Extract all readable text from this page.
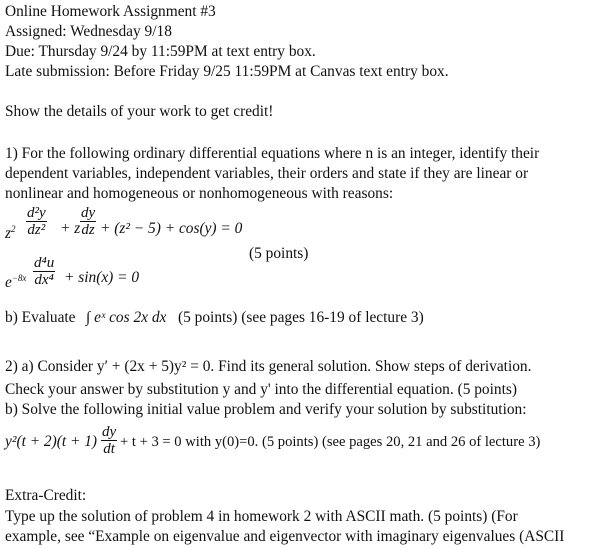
Online Homework Assignment #3
Assigned: Wednesday 9/18
Due: Thursday 9/24 by 11:59PM at text entry box.
Late submission: Before Friday 9/25 11:59PM at Canvas text entry box.
Show the details of your work to get credit!
1) For the following ordinary differential equations where n is an integer, identify their
dependent variables, independent variables, their orders and state if they are linear or
nonlinear and homogeneous or nonhomogeneous with reasons:
$z^2 \frac{\text{d²y}}{\text{dz²}} + z \frac{dy}{dz} + (z^2 - 5) + \cos(y) = 0$
(5 points)
$e^{-8x} \frac{\text{d⁴u}}{\text{dx⁴}} + \sin(x) = 0$
b) Evaluate ∫ eˣ cos 2x dx (5 points) (see pages 16-19 of lecture 3)
2) a) Consider y′ + (2x + 5)y² = 0. Find its general solution. Show steps of derivation.
Check your answer by substitution y and y' into the differential equation. (5 points)
b) Solve the following initial value problem and verify your solution by substitution:
$y^2(t + 2)(t + 1) \frac{dy}{dt} + t + 3 = 0$ with y(0)=0. (5 points) (see pages 20, 21 and 26 of lecture 3)
Extra-Credit:
Type up the solution of problem 4 in homework 2 with ASCII math. (5 points) (For
example, see “Example on eigenvalue and eigenvector with imaginary eigenvalues (ASCII
